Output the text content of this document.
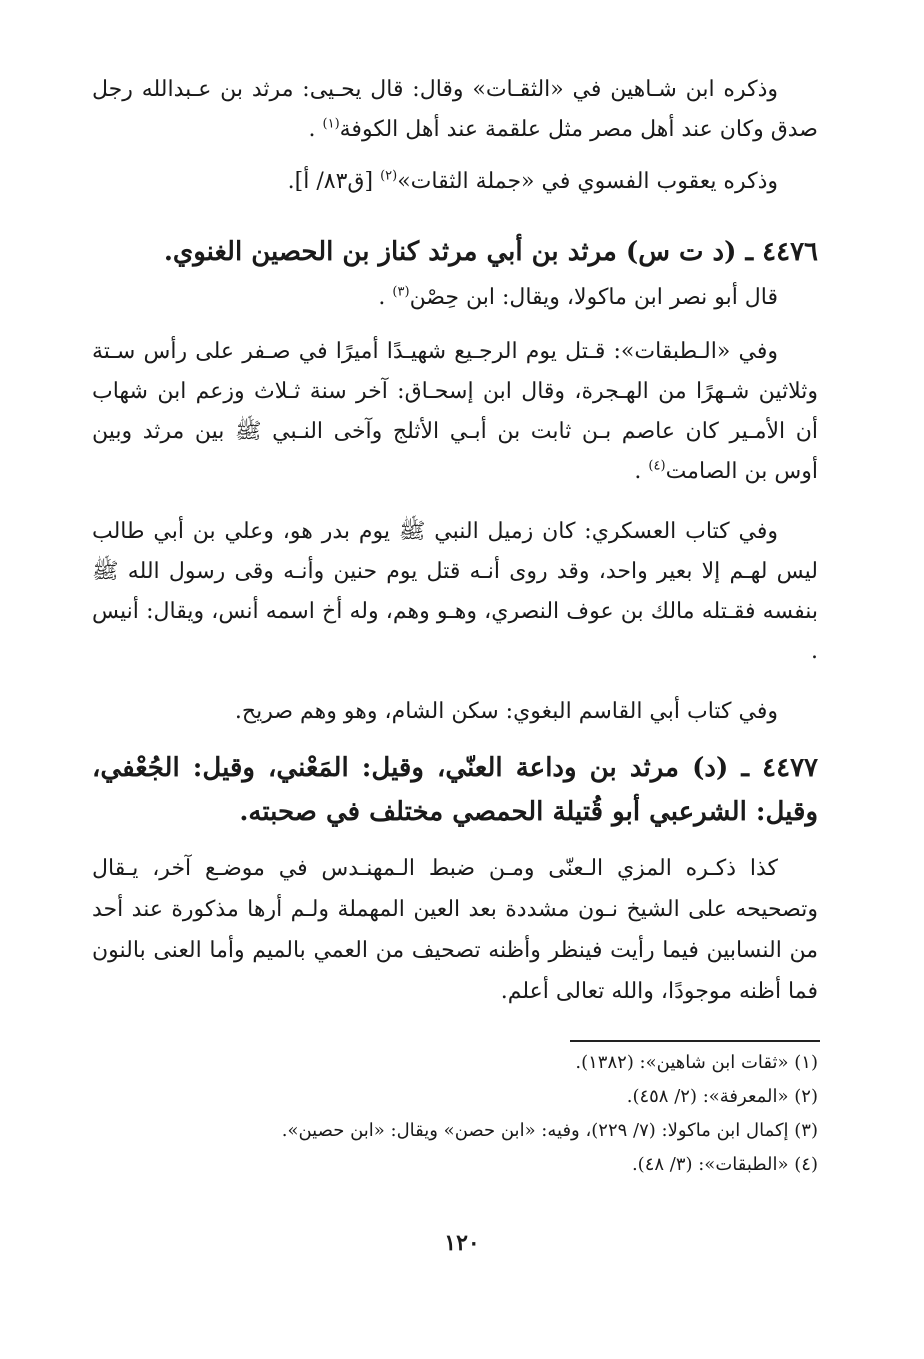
وذكره ابن شـاهين في «الثقـات» وقال: قال يحـيى: مرثد بن عـبدالله رجل صدق وكان عند أهل مصر مثل علقمة عند أهل الكوفة$^{(١)}$ .
وذكره يعقوب الفسوي في «جملة الثقات»$^{(٢)}$ [ق٨٣/ أ].
٤٤٧٦ ـ (د ت س) مرثد بن أبي مرثد كناز بن الحصين الغنوي.
قال أبو نصر ابن ماكولا، ويقال: ابن حِصْن$^{(٣)}$ .
وفي «الـطبقات»: قـتل يوم الرجـيع شهيـدًا أميرًا في صـفر على رأس سـتة وثلاثين شـهرًا من الهـجرة، وقال ابن إسحـاق: آخر سنة ثـلاث وزعم ابن شهاب أن الأمـير كان عاصم بـن ثابت بن أبـي الأثلج وآخى النـبي ﷺ بين مرثد وبين أوس بن الصامت$^{(٤)}$ .
وفي كتاب العسكري: كان زميل النبي ﷺ يوم بدر هو، وعلي بن أبي طالب ليس لهـم إلا بعير واحد، وقد روى أنـه قتل يوم حنين وأنـه وقى رسول الله ﷺ بنفسه فقـتله مالك بن عوف النصري، وهـو وهم، وله أخ اسمه أنس، ويقال: أنيس .
وفي كتاب أبي القاسم البغوي: سكن الشام، وهو وهم صريح.
٤٤٧٧ ـ (د) مرثد بن وداعة العنّي، وقيل: المَعْني، وقيل: الجُعْفي، وقيل: الشرعبي أبو قُتيلة الحمصي مختلف في صحبته.
كذا ذكـره المزي الـعنّى ومـن ضبط الـمهنـدس في موضـع آخر، يـقال وتصحيحه على الشيخ نـون مشددة بعد العين المهملة ولـم أرها مذكورة عند أحد من النسابين فيما رأيت فينظر وأظنه تصحيف من العمي بالميم وأما العنى بالنون فما أظنه موجودًا، والله تعالى أعلم.
(١) «ثقات ابن شاهين»: (١٣٨٢).
(٢) «المعرفة»: (٢/ ٤٥٨).
(٣) إكمال ابن ماكولا: (٧/ ٢٢٩)، وفيه: «ابن حصن» ويقال: «ابن حصين».
(٤) «الطبقات»: (٣/ ٤٨).
١٢٠
